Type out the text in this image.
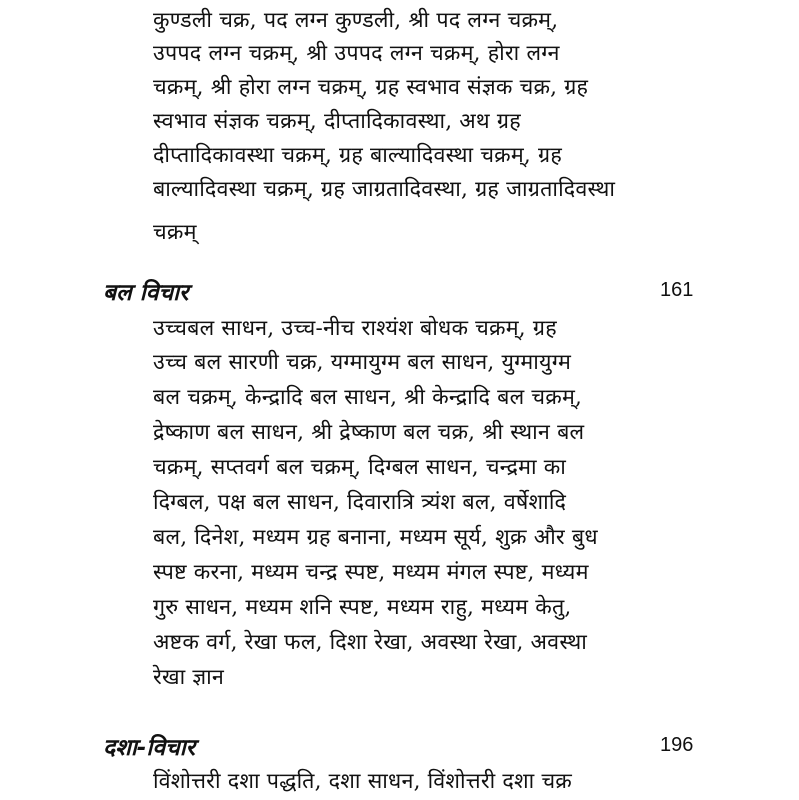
कुण्डली चक्र, पद लग्न कुण्डली, श्री पद लग्न चक्रम्,
उपपद लग्न चक्रम्, श्री उपपद लग्न चक्रम्, होरा लग्न
चक्रम्, श्री होरा लग्न चक्रम्, ग्रह स्वभाव संज्ञक चक्र, ग्रह
स्वभाव संज्ञक चक्रम्, दीप्तादिकावस्था, अथ ग्रह
दीप्तादिकावस्था चक्रम्, ग्रह बाल्यादिवस्था चक्रम्, ग्रह
बाल्यादिवस्था चक्रम्, ग्रह जाग्रतादिवस्था, ग्रह जाग्रतादिवस्था
चक्रम्
बल विचार	161
उच्चबल साधन, उच्च-नीच राश्यंश बोधक चक्रम्, ग्रह
उच्च बल सारणी चक्र, यग्मायुग्म बल साधन, युग्मायुग्म
बल चक्रम्, केन्द्रादि बल साधन, श्री केन्द्रादि बल चक्रम्,
द्रेष्काण बल साधन, श्री द्रेष्काण बल चक्र, श्री स्थान बल
चक्रम्, सप्तवर्ग बल चक्रम्, दिग्बल साधन, चन्द्रमा का
दिग्बल, पक्ष बल साधन, दिवारात्रि त्र्यंश बल, वर्षेशादि
बल, दिनेश, मध्यम ग्रह बनाना, मध्यम सूर्य, शुक्र और बुध
स्पष्ट करना, मध्यम चन्द्र स्पष्ट, मध्यम मंगल स्पष्ट, मध्यम
गुरु साधन, मध्यम शनि स्पष्ट, मध्यम राहु, मध्यम केतु,
अष्टक वर्ग, रेखा फल, दिशा रेखा, अवस्था रेखा, अवस्था
रेखा ज्ञान
दशा-विचार	196
विंशोत्तरी दशा पद्धति, दशा साधन, विंशोत्तरी दशा चक्र
